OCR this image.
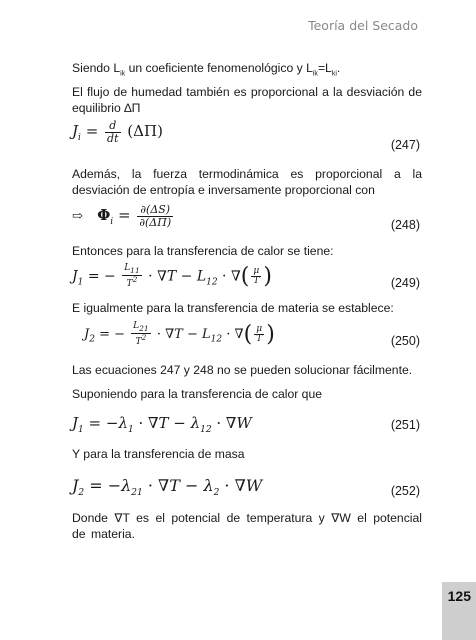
Teoría del Secado
Siendo $L_{ik}$ un coeficiente fenomenológico y $L_{ik}=L_{ki}$.
El flujo de humedad también es proporcional a la desviación de equilibrio ∆Π
$J_i = \frac{d}{dt} (\Delta\Pi)$
(247)
Además, la fuerza termodinámica es proporcional a la desviación de entropía e inversamente proporcional con
⇨ $\Phi_i = \frac{\partial(\Delta S)}{\partial(\Delta\Pi)}$	(248)
Entonces para la transferencia de calor se tiene:
$J_1$ = − $\frac{L_{11}}{T^2} \cdot \nabla T - L_{12}$ · ∇( $\frac{\mu}{T}$ )	(249)
E igualmente para la transferencia de materia se establece:
$J_2$ = − $\frac{L_{21}}{T^2} \cdot \nabla T - L_{12}$ · ∇( $\frac{\mu}{T}$ )	(250)
Las ecuaciones 247 y 248 no se pueden solucionar fácilmente.
Suponiendo para la transferencia de calor que
$J_1 = -\lambda_1 \cdot \nabla T - \lambda_{12} \cdot \nabla W$	(251)
Y para la transferencia de masa
$J_2 = -\lambda_{21} \cdot \nabla T - \lambda_2 \cdot \nabla W$	(252)
Donde ∇T es el potencial de temperatura y ∇W el potencial de materia.
125
